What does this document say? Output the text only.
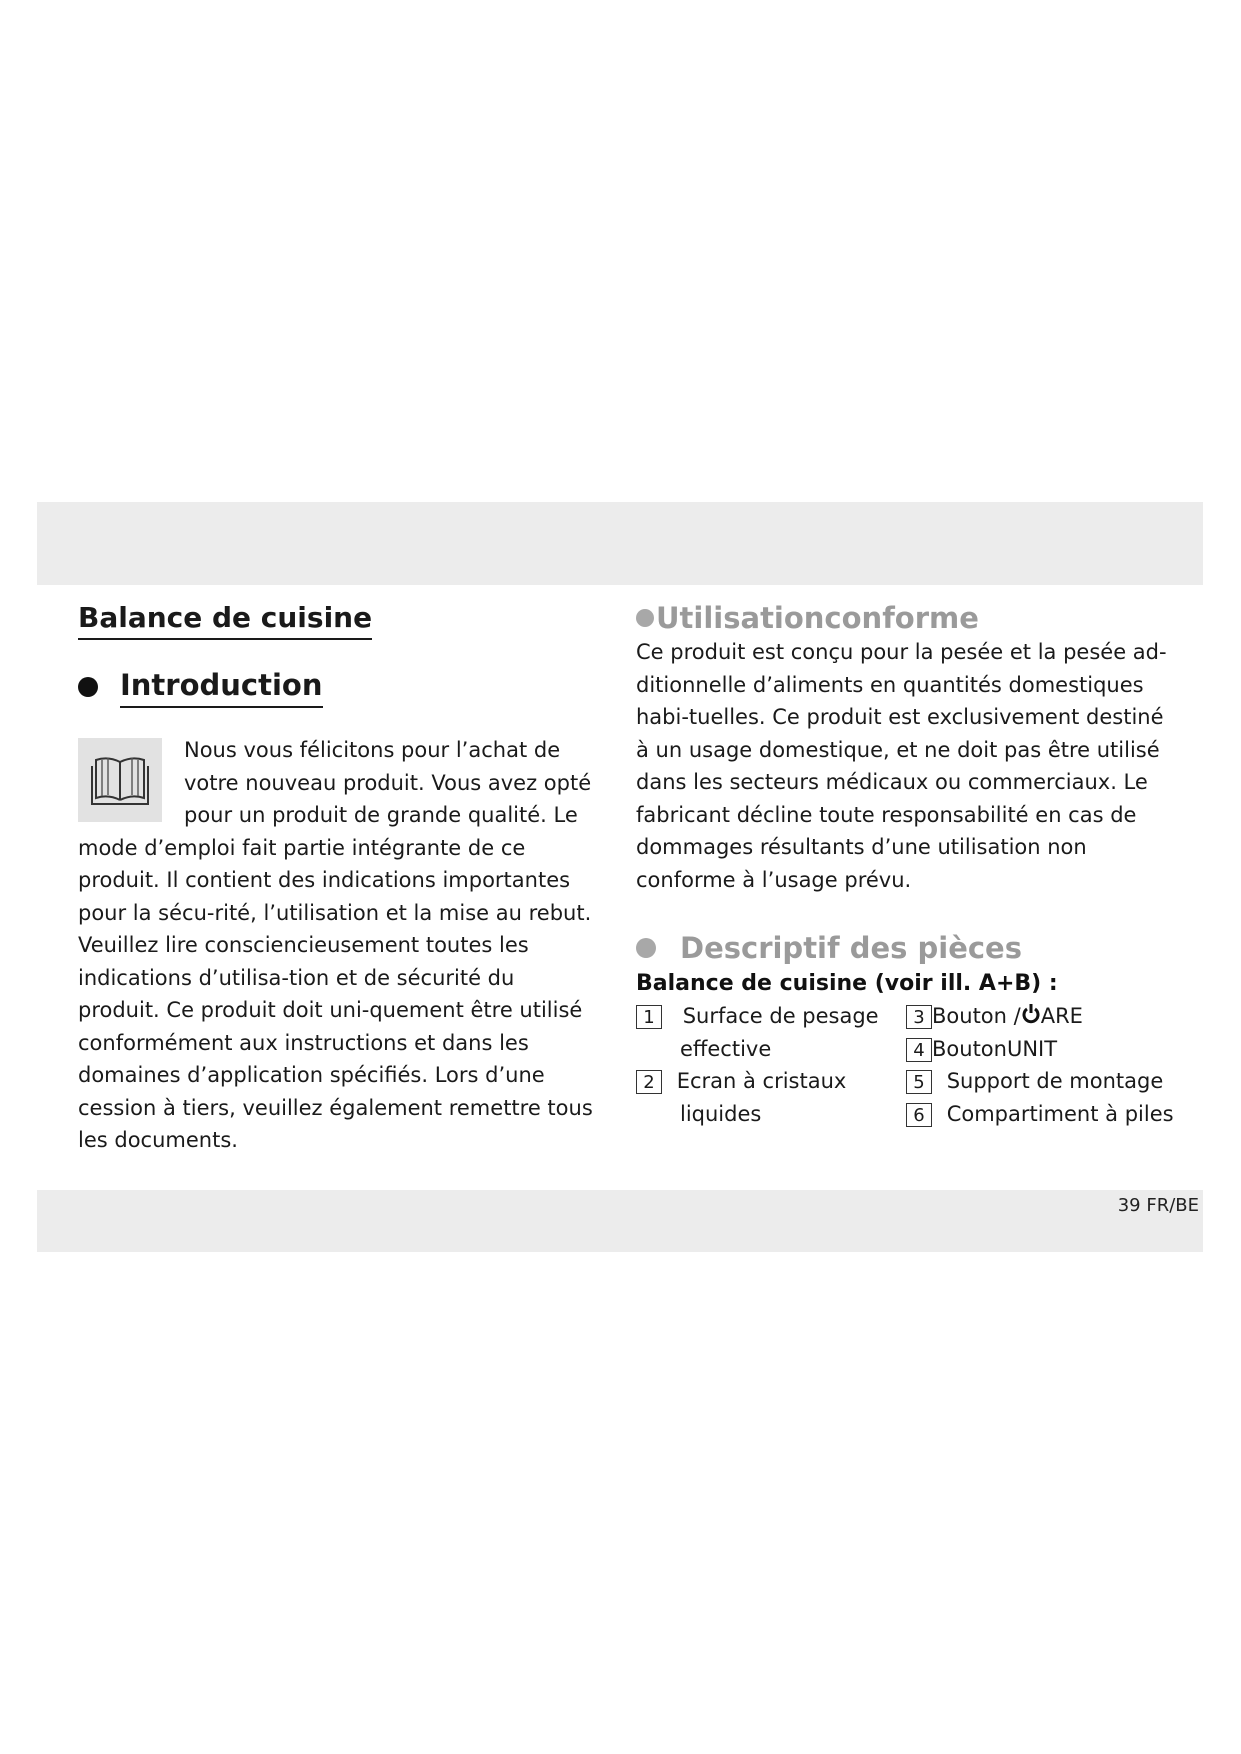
Balance de cuisine
Introduction

Nous vous félicitons pour l’achat de votre nouveau produit. Vous avez opté pour un produit de grande qualité. Le mode d’emploi fait partie intégrante de ce produit. Il contient des indications importantes pour la sécu-rité, l’utilisation et la mise au rebut. Veuillez lire consciencieusement toutes les indications d’utilisa-tion et de sécurité du produit. Ce produit doit uni-quement être utilisé conformément aux instructions et dans les domaines d’application spécifiés. Lors d’une cession à tiers, veuillez également remettre tous les documents.

Utilisationconforme

Ce produit est conçu pour la pesée et la pesée ad-ditionnelle d’aliments en quantités domestiques habi-tuelles. Ce produit est exclusivement destiné à un usage domestique, et ne doit pas être utilisé dans les secteurs médicaux ou commerciaux. Le fabricant décline toute responsabilité en cas de dommages résultants d’une utilisation non conforme à l’usage prévu.

Descriptif des pièces

Balance de cuisine (voir ill. A+B) :

1 Surface de pesage
effective
2 Ecran à cristaux
liquides
3 Bouton / ARE
4 BoutonUNIT
5 Support de montage
6 Compartiment à piles
39 FR/BE
